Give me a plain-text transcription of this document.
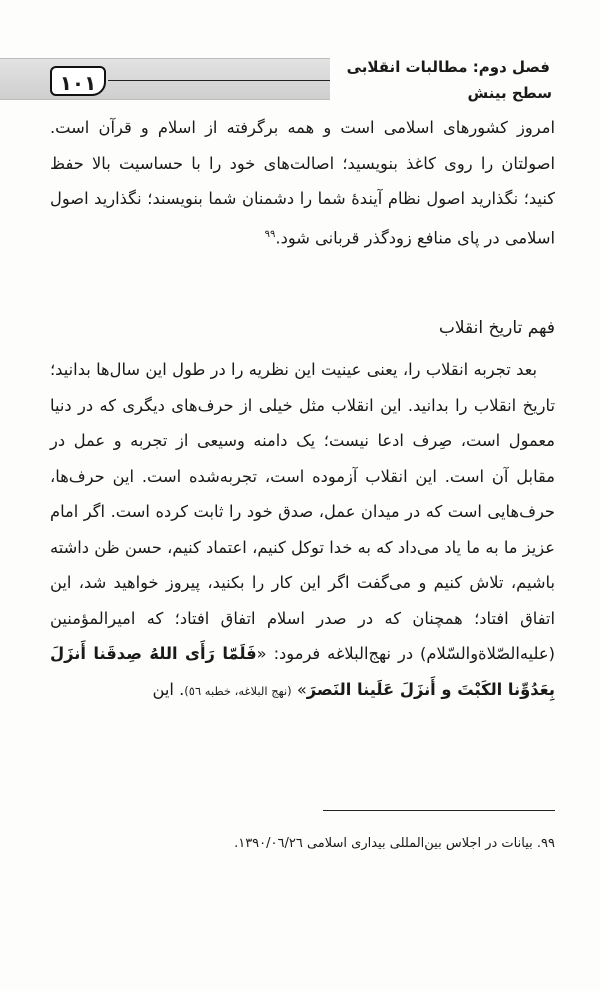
١٠١
فصل دوم: مطالبات انقلابی
سطح بینش
امروز کشورهای اسلامی است و همه برگرفته از اسلام و قرآن است. اصولتان را روی کاغذ بنویسید؛ اصالت‌های خود را با حساسیت بالا حفظ کنید؛ نگذارید اصول نظام آیندهٔ شما را دشمنان شما بنویسند؛ نگذارید اصول اسلامی در پای منافع زودگذر قربانی شود.$^{٩٩}$
فهم تاریخ انقلاب
بعد تجربه انقلاب را، یعنی عینیت این نظریه را در طول این سال‌ها بدانید؛ تاریخ انقلاب را بدانید. این انقلاب مثل خیلی از حرف‌های دیگری که در دنیا معمول است، صِرف ادعا نیست؛ یک دامنه وسیعی از تجربه و عمل در مقابل آن است. این انقلاب آزموده است، تجربه‌شده است. این حرف‌ها، حرف‌هایی است که در میدان عمل، صدق خود را ثابت کرده است. اگر امام عزیز ما به ما یاد می‌داد که به خدا توکل کنیم، اعتماد کنیم، حسن ظن داشته باشیم، تلاش کنیم و می‌گفت اگر این کار را بکنید، پیروز خواهید شد، این اتفاق افتاد؛ همچنان که در صدر اسلام اتفاق افتاد؛ که امیرالمؤمنین (علیه‌الصّلاة‌والسّلام) در نهج‌البلاغه فرمود: «فَلَمّا رَأَى اللهُ صِدقَنا أَنزَلَ بِعَدُوِّنا الكَبْتَ و أَنزَلَ عَلَینا النَصرَ» (نهج البلاغه، خطبه ٥٦). این
٩٩. بیانات در اجلاس بین‌المللی بیداری اسلامی ١٣٩٠/٠٦/٢٦.
